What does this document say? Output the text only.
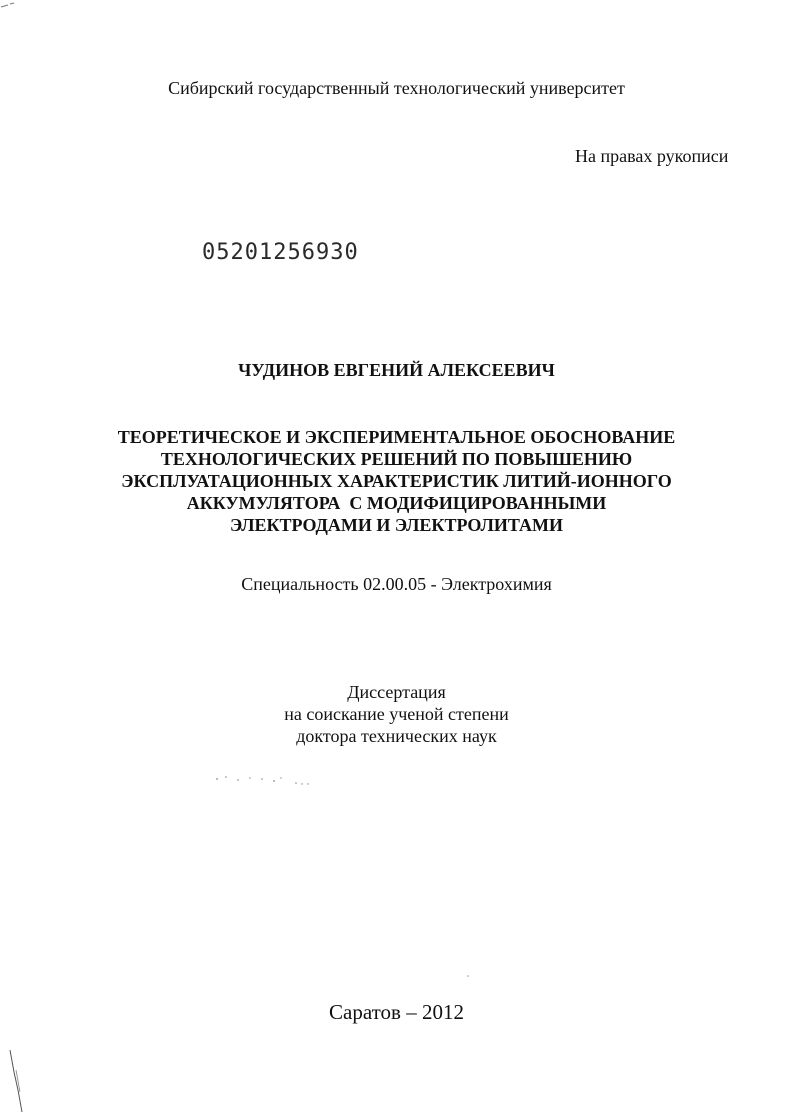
Сибирский государственный технологический университет
На правах рукописи
05201256930
ЧУДИНОВ ЕВГЕНИЙ АЛЕКСЕЕВИЧ
ТЕОРЕТИЧЕСКОЕ И ЭКСПЕРИМЕНТАЛЬНОЕ ОБОСНОВАНИЕ
ТЕХНОЛОГИЧЕСКИХ РЕШЕНИЙ ПО ПОВЫШЕНИЮ
ЭКСПЛУАТАЦИОННЫХ ХАРАКТЕРИСТИК ЛИТИЙ-ИОННОГО
АККУМУЛЯТОРА  С МОДИФИЦИРОВАННЫМИ
ЭЛЕКТРОДАМИ И ЭЛЕКТРОЛИТАМИ
Специальность 02.00.05 - Электрохимия
Диссертация
на соискание ученой степени
доктора технических наук
Саратов – 2012
